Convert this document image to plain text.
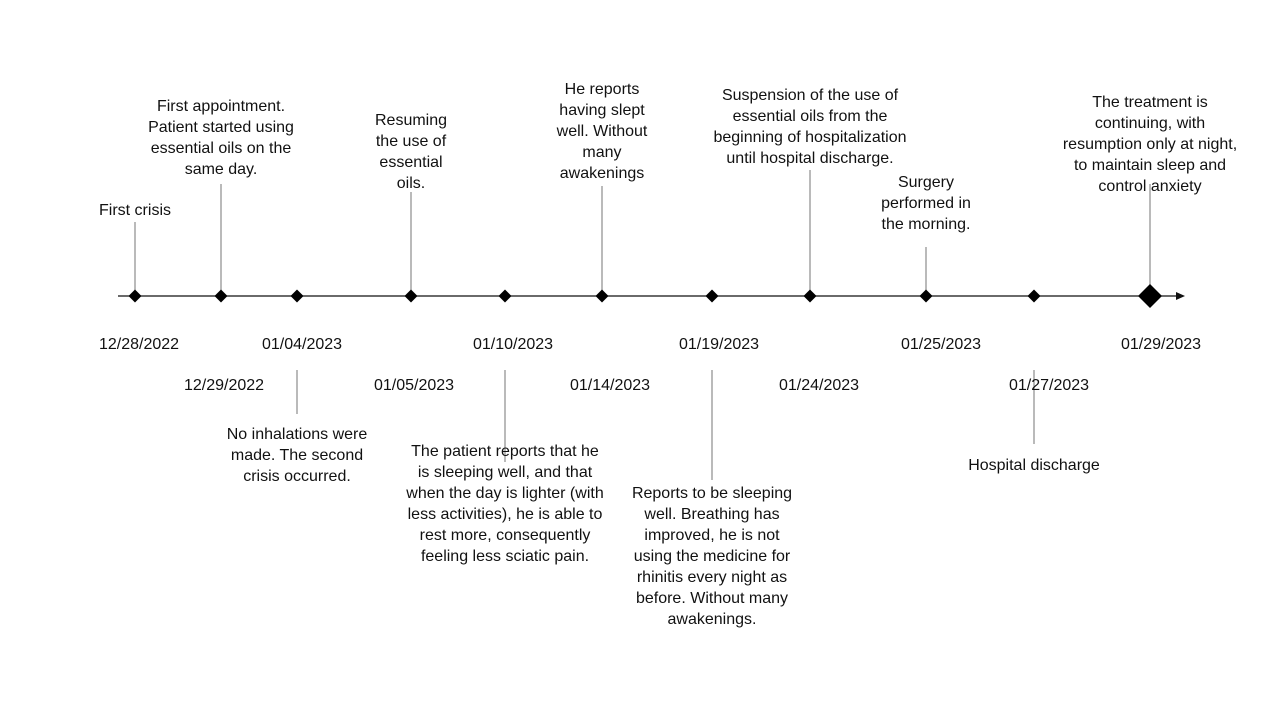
12/28/2022
First crisis
12/29/2022
First appointment.
Patient started using
essential oils on the
same day.
01/04/2023
No inhalations were
made. The second
crisis occurred.
01/05/2023
Resuming
the use of
essential
oils.
01/10/2023
The patient reports that he
is sleeping well, and that
when the day is lighter (with
less activities), he is able to
rest more, consequently
feeling less sciatic pain.
01/14/2023
He reports
having slept
well. Without
many
awakenings
01/19/2023
Reports to be sleeping
well. Breathing has
improved, he is not
using the medicine for
rhinitis every night as
before. Without many
awakenings.
01/24/2023
Suspension of the use of
essential oils from the
beginning of hospitalization
until hospital discharge.
01/25/2023
Surgery
performed in
the morning.
01/27/2023
Hospital discharge
01/29/2023
The treatment is
continuing, with
resumption only at night,
to maintain sleep and
control anxiety
